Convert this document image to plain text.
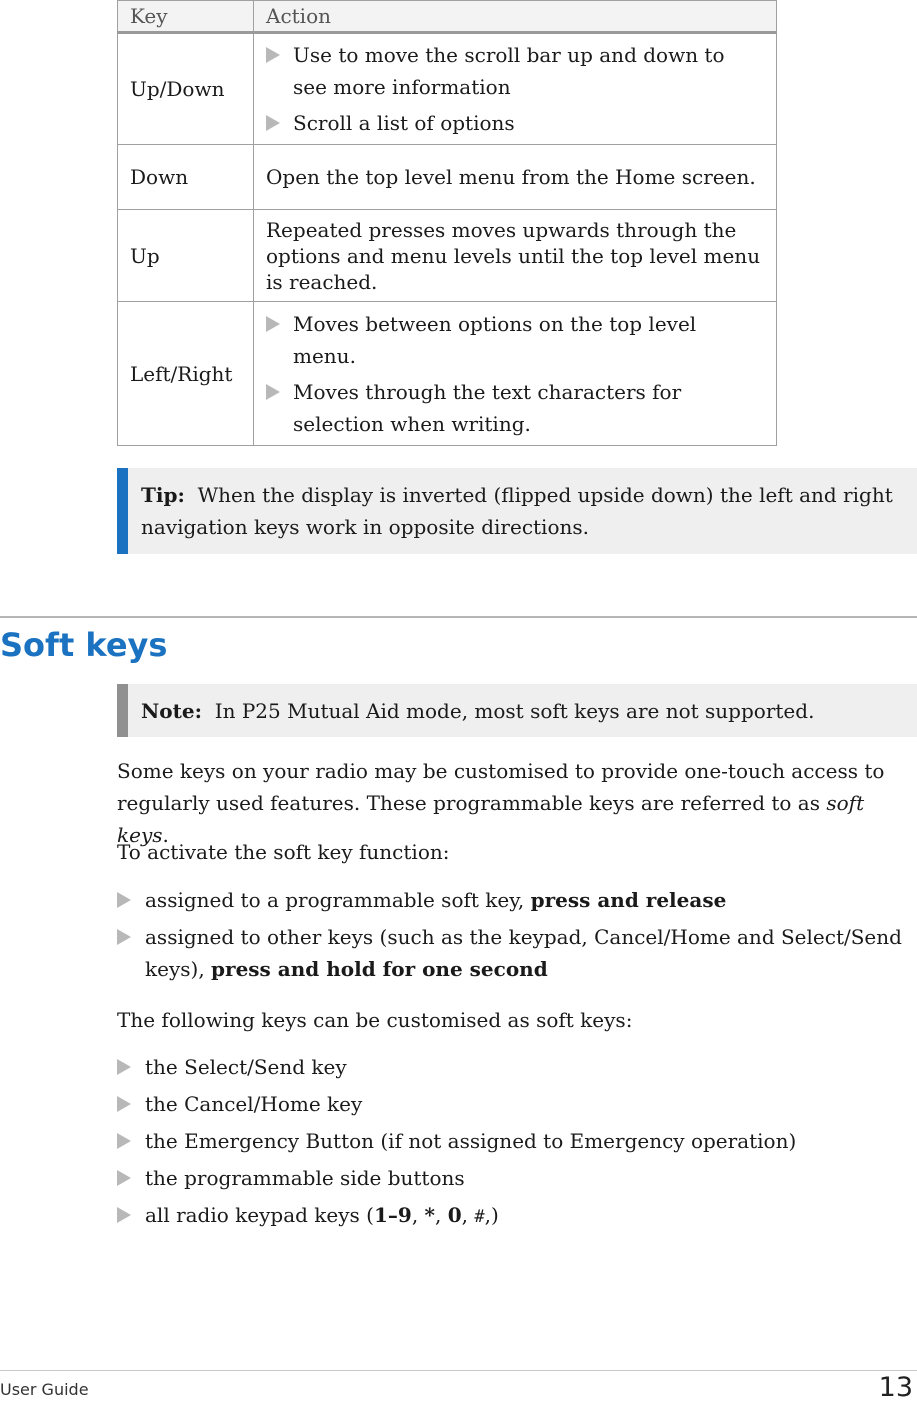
Key	Action
Up/Down	Use to move the scroll bar up and down to see more information
Scroll a list of options

Down	Open the top level menu from the Home screen.
Up	Repeated presses moves upwards through the options and menu levels until the top level menu is reached.
Left/Right	Moves between options on the top level menu.
Moves through the text characters for selection when writing.
Tip: When the display is inverted (flipped upside down) the left and right navigation keys work in opposite directions.
Soft keys
Note: In P25 Mutual Aid mode, most soft keys are not supported.

Some keys on your radio may be customised to provide one-touch access to regularly used features. These programmable keys are referred to as soft keys.

To activate the soft key function:

assigned to a programmable soft key, press and release
assigned to other keys (such as the keypad, Cancel/Home and Select/Send keys), press and hold for one second

The following keys can be customised as soft keys:

the Select/Send key
the Cancel/Home key
the Emergency Button (if not assigned to Emergency operation)
the programmable side buttons
all radio keypad keys (1–9, *, 0, #,)
User Guide	13
